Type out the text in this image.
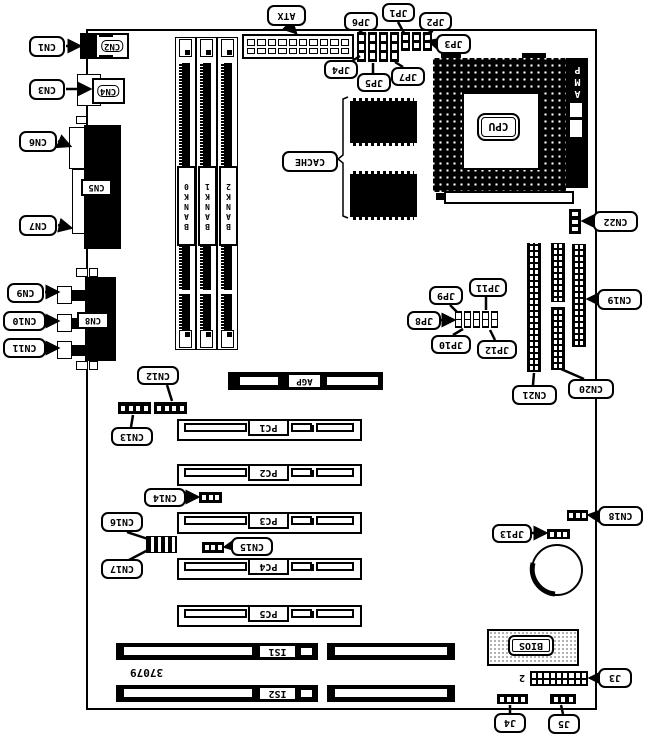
CPU
AMP
BANK0 BANK1 BANK2
CN2
CN4
CN5
CN8
AGP
PC1
PC2
PC3
PC4
PC5
IS1
37079
IS2
BIOS
2
CN1
CN3
CN6
CN7
CN9
CN10
CN11
ATX
JP6
JP1
JP2
JP3
JP4
JP5
JP7
CACHE
CN22
CN19
CN20
CN21
JP9
JP11
JP8
JP10	JP12
CN12
CN13
CN14
CN15
CN16
CN17
JP13
CN18
J3
J4	J5
